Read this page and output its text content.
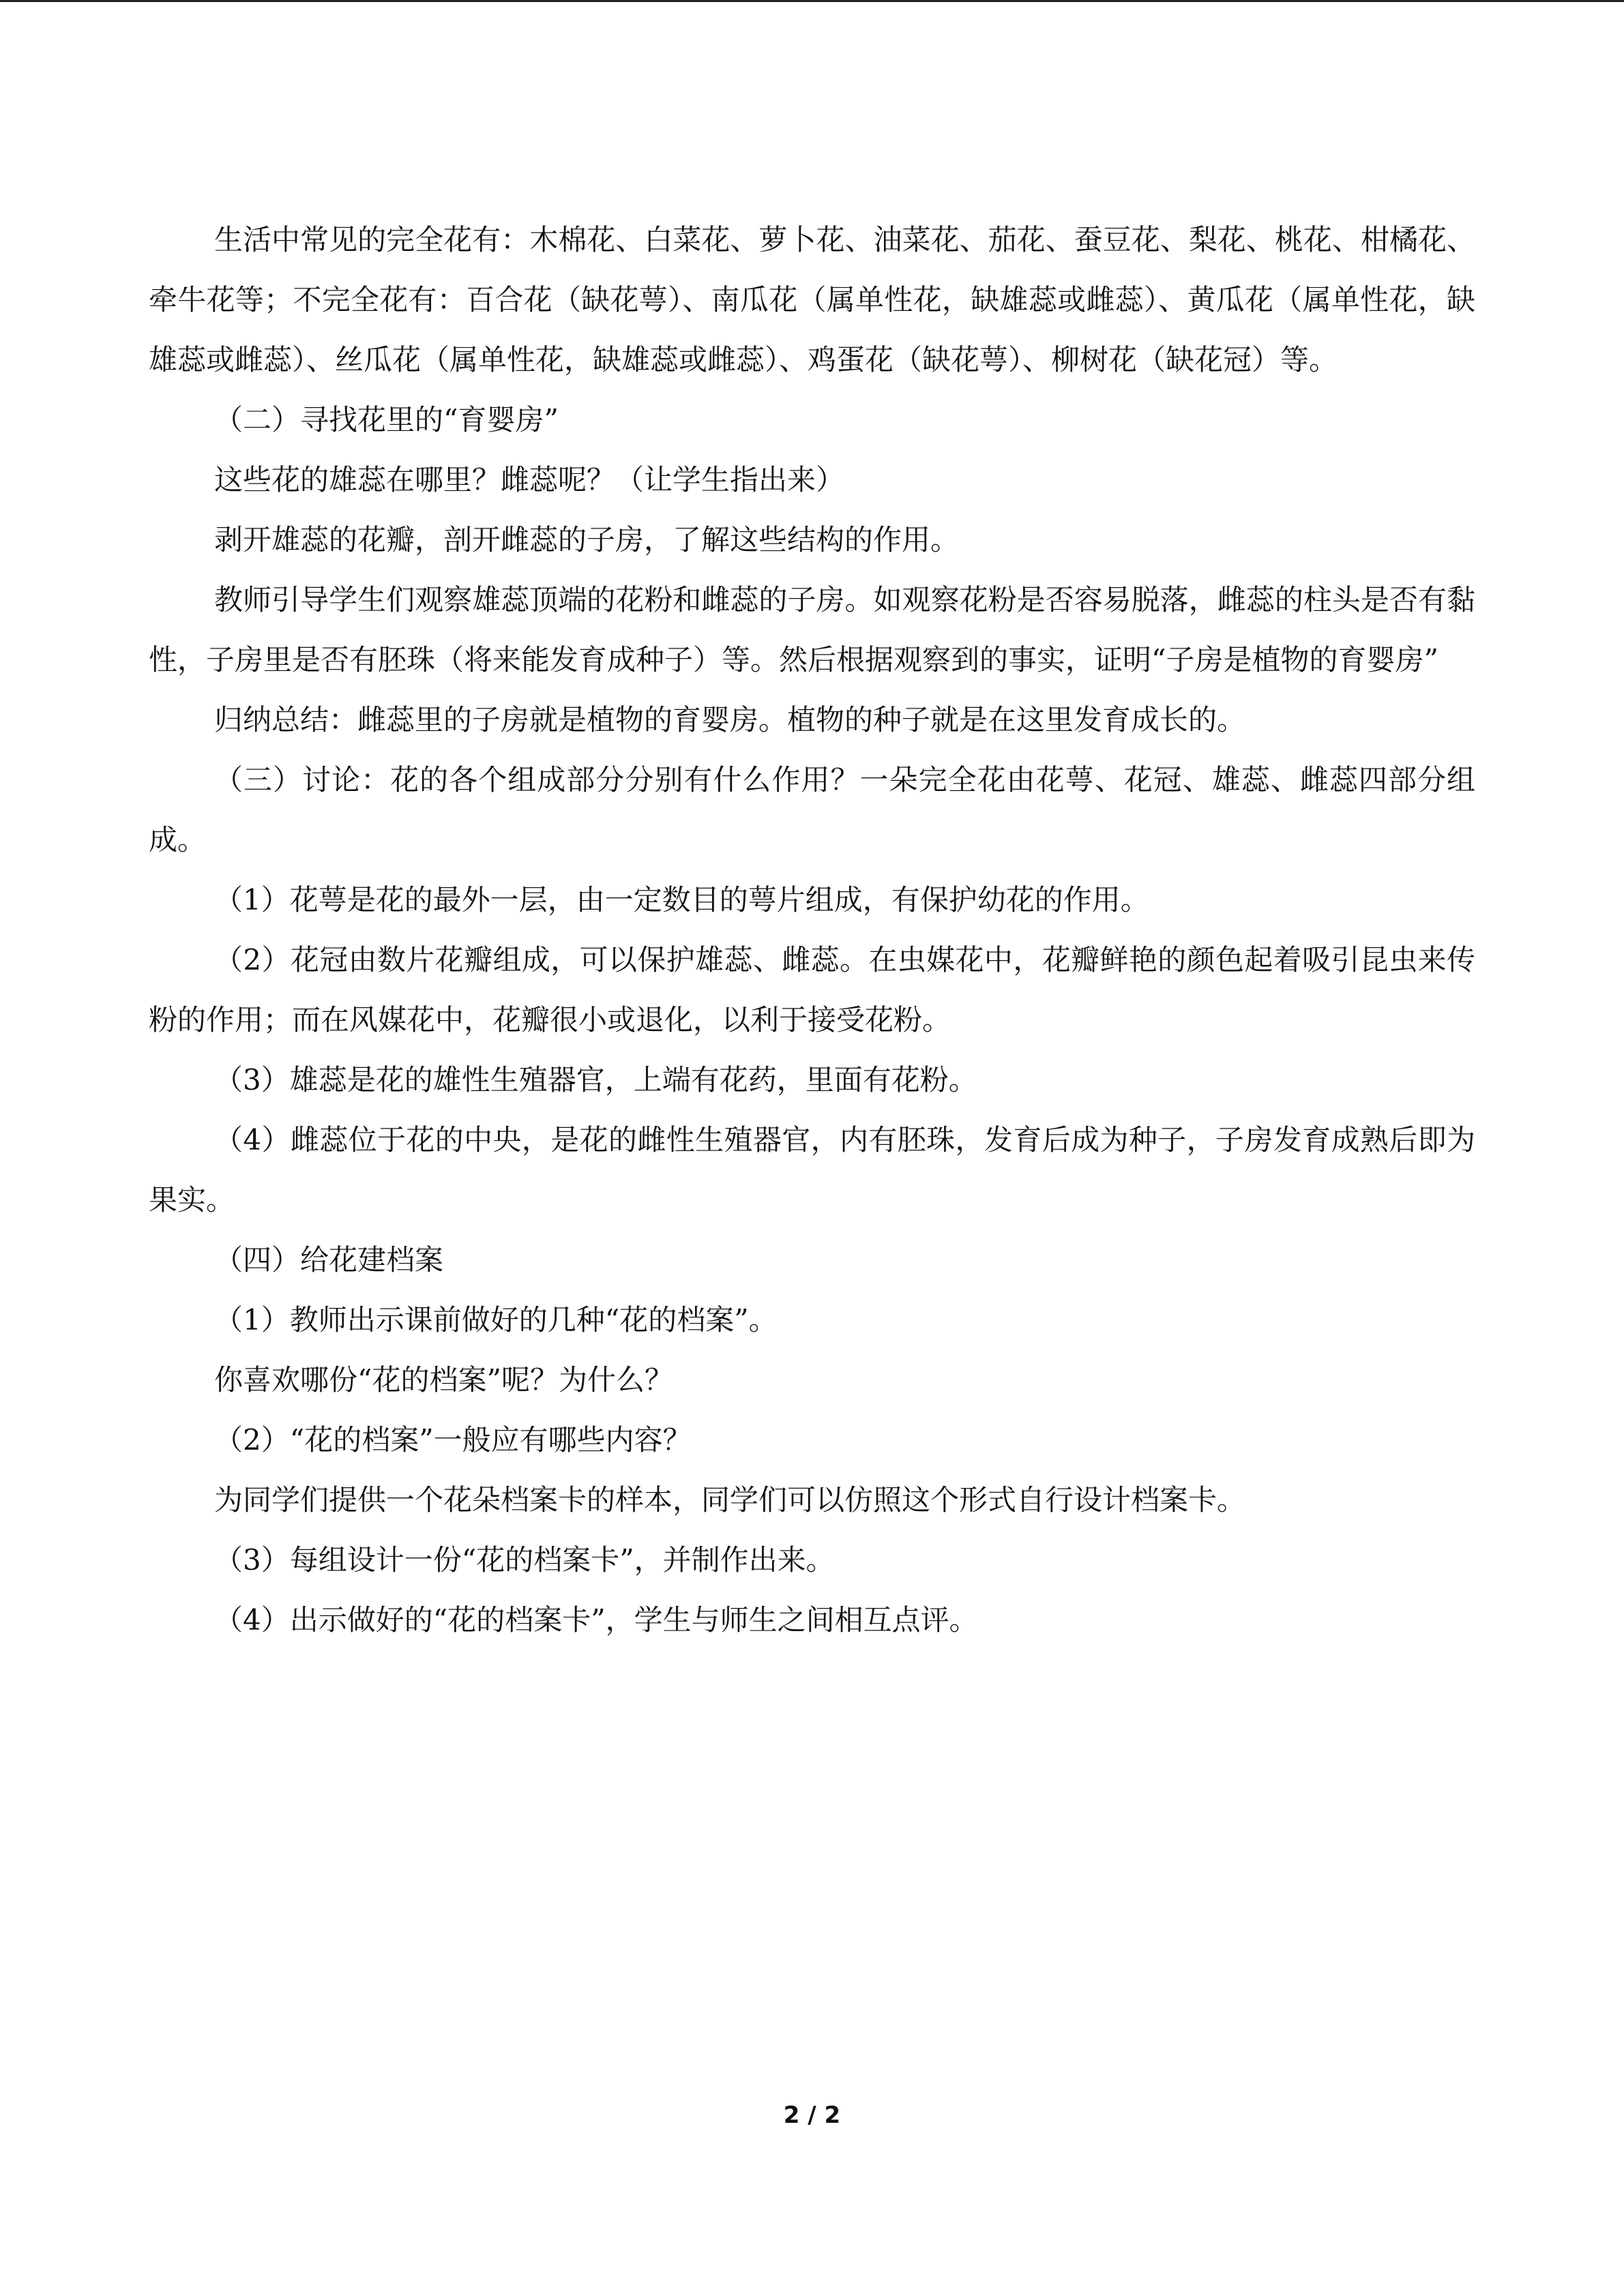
生活中常见的完全花有：木棉花、白菜花、萝卜花、油菜花、茄花、蚕豆花、梨花、桃花、柑橘花、牵牛花等；不完全花有：百合花（缺花萼）、南瓜花（属单性花，缺雄蕊或雌蕊）、黄瓜花（属单性花，缺雄蕊或雌蕊）、丝瓜花（属单性花，缺雄蕊或雌蕊）、鸡蛋花（缺花萼）、柳树花（缺花冠）等。

（二）寻找花里的“育婴房”

这些花的雄蕊在哪里？雌蕊呢？（让学生指出来）

剥开雄蕊的花瓣，剖开雌蕊的子房，了解这些结构的作用。

教师引导学生们观察雄蕊顶端的花粉和雌蕊的子房。如观察花粉是否容易脱落，雌蕊的柱头是否有黏性，子房里是否有胚珠（将来能发育成种子）等。然后根据观察到的事实，证明“子房是植物的育婴房”

归纳总结：雌蕊里的子房就是植物的育婴房。植物的种子就是在这里发育成长的。

（三）讨论：花的各个组成部分分别有什么作用？一朵完全花由花萼、花冠、雄蕊、雌蕊四部分组成。

（1）花萼是花的最外一层，由一定数目的萼片组成，有保护幼花的作用。

（2）花冠由数片花瓣组成，可以保护雄蕊、雌蕊。在虫媒花中，花瓣鲜艳的颜色起着吸引昆虫来传粉的作用；而在风媒花中，花瓣很小或退化，以利于接受花粉。

（3）雄蕊是花的雄性生殖器官，上端有花药，里面有花粉。

（4）雌蕊位于花的中央，是花的雌性生殖器官，内有胚珠，发育后成为种子，子房发育成熟后即为果实。

（四）给花建档案

（1）教师出示课前做好的几种“花的档案”。

你喜欢哪份“花的档案”呢？为什么？

（2）“花的档案”一般应有哪些内容？

为同学们提供一个花朵档案卡的样本，同学们可以仿照这个形式自行设计档案卡。

（3）每组设计一份“花的档案卡”，并制作出来。

（4）出示做好的“花的档案卡”，学生与师生之间相互点评。

2 / 2
